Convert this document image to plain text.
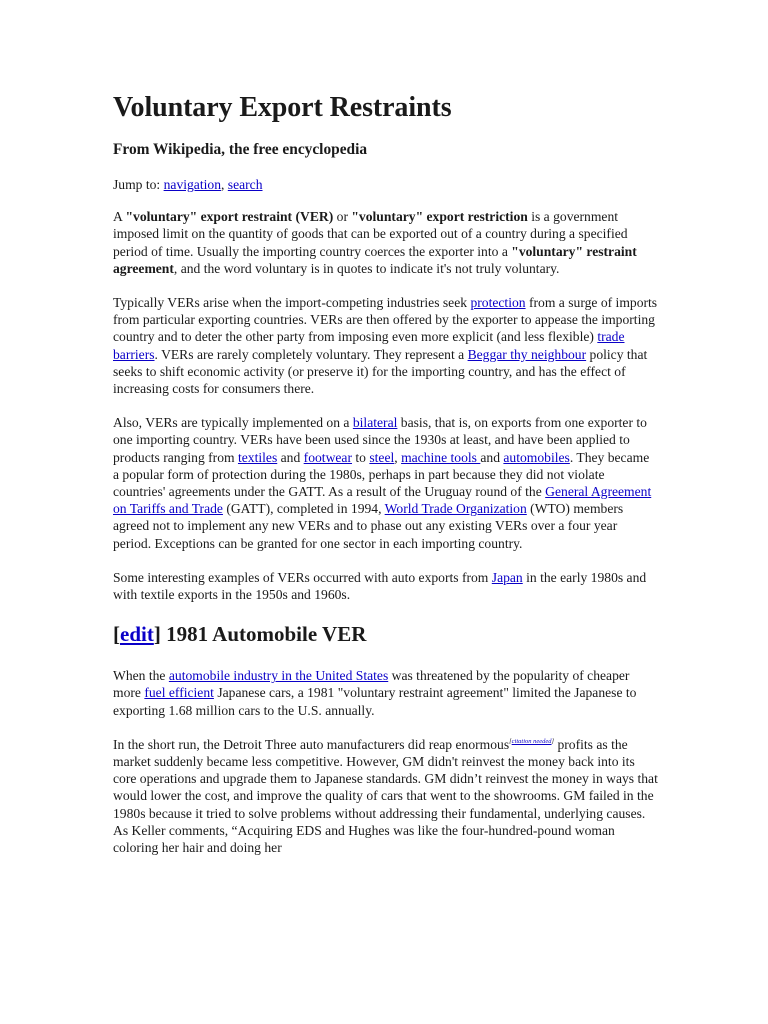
Voluntary Export Restraints
From Wikipedia, the free encyclopedia
Jump to: navigation, search

A "voluntary" export restraint (VER) or "voluntary" export restriction is a government imposed limit on the quantity of goods that can be exported out of a country during a specified period of time. Usually the importing country coerces the exporter into a "voluntary" restraint agreement, and the word voluntary is in quotes to indicate it's not truly voluntary.

Typically VERs arise when the import-competing industries seek protection from a surge of imports from particular exporting countries. VERs are then offered by the exporter to appease the importing country and to deter the other party from imposing even more explicit (and less flexible) trade barriers. VERs are rarely completely voluntary. They represent a Beggar thy neighbour policy that seeks to shift economic activity (or preserve it) for the importing country, and has the effect of increasing costs for consumers there.

Also, VERs are typically implemented on a bilateral basis, that is, on exports from one exporter to one importing country. VERs have been used since the 1930s at least, and have been applied to products ranging from textiles and footwear to steel, machine tools and automobiles. They became a popular form of protection during the 1980s, perhaps in part because they did not violate countries' agreements under the GATT. As a result of the Uruguay round of the General Agreement on Tariffs and Trade (GATT), completed in 1994, World Trade Organization (WTO) members agreed not to implement any new VERs and to phase out any existing VERs over a four year period. Exceptions can be granted for one sector in each importing country.

Some interesting examples of VERs occurred with auto exports from Japan in the early 1980s and with textile exports in the 1950s and 1960s.

[edit] 1981 Automobile VER

When the automobile industry in the United States was threatened by the popularity of cheaper more fuel efficient Japanese cars, a 1981 "voluntary restraint agreement" limited the Japanese to exporting 1.68 million cars to the U.S. annually.

In the short run, the Detroit Three auto manufacturers did reap enormous[citation needed] profits as the market suddenly became less competitive. However, GM didn't reinvest the money back into its core operations and upgrade them to Japanese standards. GM didn’t reinvest the money in ways that would lower the cost, and improve the quality of cars that went to the showrooms. GM failed in the 1980s because it tried to solve problems without addressing their fundamental, underlying causes. As Keller comments, “Acquiring EDS and Hughes was like the four-hundred-pound woman coloring her hair and doing her
